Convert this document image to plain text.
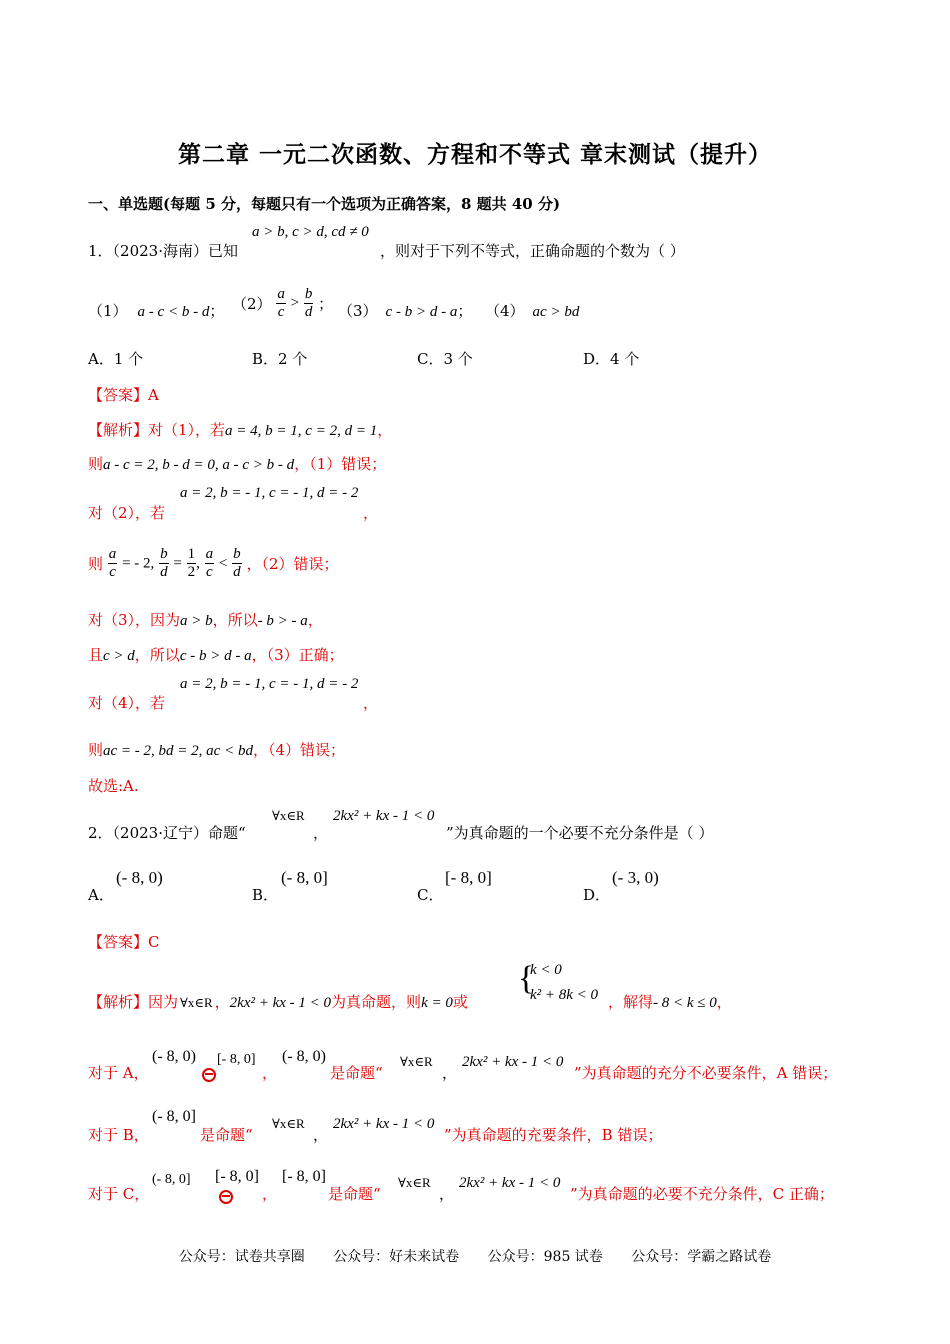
第二章 一元二次函数、方程和不等式 章末测试（提升）
一、单选题(每题 5 分，每题只有一个选项为正确答案，8 题共 40 分)
1．（2023·海南）已知
a > b, c > d, cd ≠ 0
，则对于下列不等式，正确命题的个数为（ ）
（1） a - c < b - d； $(2) \frac{a}{c} > \frac{b}{d}$ ； （3） c - b > d - a； （4） ac > bd
A．1 个	B．2 个	C．3 个	D．4 个
【答案】A
【解析】对（1），若a = 4, b = 1, c = 2, d = 1，
则a - c = 2, b - d = 0, a - c > b - d，（1）错误；
对（2），若
a = 2, b = - 1, c = - 1, d = - 2
，
则 $\frac{a}{c}$ = - 2, $\frac{b}{d} = \frac{1}{2}$ , $\frac{a}{c} < \frac{b}{d}$ ，（2）错误；
对（3），因为a > b，所以- b > - a，
且c > d，所以c - b > d - a，（3）正确；
对（4），若
a = 2, b = - 1, c = - 1, d = - 2
，
则ac = - 2, bd = 2, ac < bd，（4）错误；
故选:A.
2．（2023·辽宁）命题“
∀x∈R
，
2kx² + kx - 1 < 0
”为真命题的一个必要不充分条件是（ ）
A．
(- 8, 0)
B．
(- 8, 0]
C．
[- 8, 0]
D．
(- 3, 0)
【答案】C
【解析】因为 ∀x∈R ，2kx² + kx - 1 < 0为真命题，则k = 0或
{
k < 0
k² + 8k < 0 ，解得- 8 < k ≤ 0，
对于 A，
(- 8, 0)
[- 8, 0]
，
(- 8, 0)
是命题“
∀x∈R
，
2kx² + kx - 1 < 0
”为真命题的充分不必要条件，A 错误；
对于 B，
(- 8, 0]
是命题“
∀x∈R
，
2kx² + kx - 1 < 0
”为真命题的充要条件，B 错误；
对于 C，
(- 8, 0] [- 8, 0]
，
[- 8, 0]
是命题“
∀x∈R
，
2kx² + kx - 1 < 0
”为真命题的必要不充分条件，C 正确；
公众号：试卷共享圈 公众号：好未来试卷 公众号：985 试卷 公众号：学霸之路试卷
